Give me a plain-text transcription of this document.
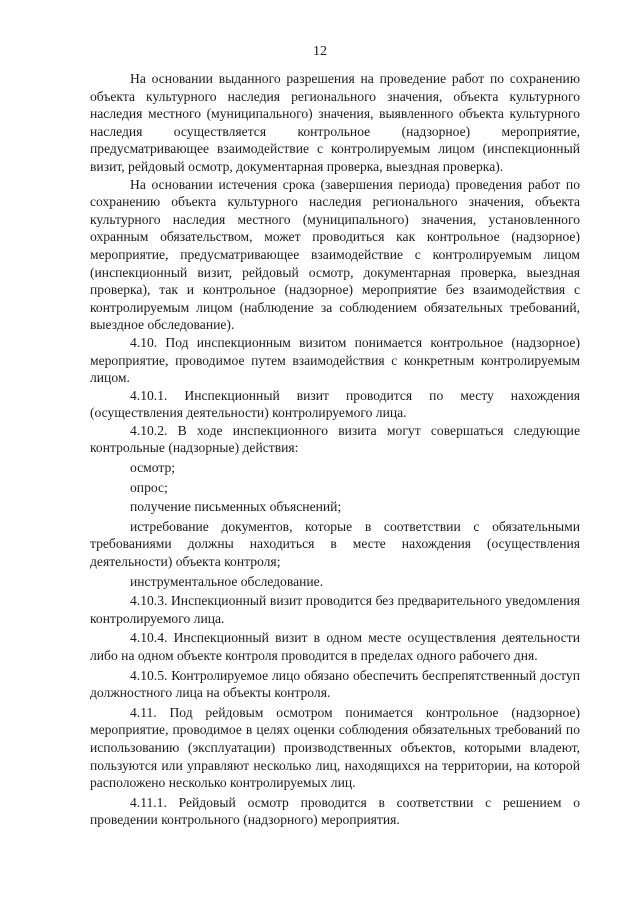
12

На основании выданного разрешения на проведение работ по сохранению объекта культурного наследия регионального значения, объекта культурного наследия местного (муниципального) значения, выявленного объекта культурного наследия осуществляется контрольное (надзорное) мероприятие, предусматривающее взаимодействие с контролируемым лицом (инспекционный визит, рейдовый осмотр, документарная проверка, выездная проверка).

На основании истечения срока (завершения периода) проведения работ по сохранению объекта культурного наследия регионального значения, объекта культурного наследия местного (муниципального) значения, установленного охранным обязательством, может проводиться как контрольное (надзорное) мероприятие, предусматривающее взаимодействие с контролируемым лицом (инспекционный визит, рейдовый осмотр, документарная проверка, выездная проверка), так и контрольное (надзорное) мероприятие без взаимодействия с контролируемым лицом (наблюдение за соблюдением обязательных требований, выездное обследование).

4.10. Под инспекционным визитом понимается контрольное (надзорное) мероприятие, проводимое путем взаимодействия с конкретным контролируемым лицом.

4.10.1. Инспекционный визит проводится по месту нахождения (осуществления деятельности) контролируемого лица.

4.10.2. В ходе инспекционного визита могут совершаться следующие контрольные (надзорные) действия:

осмотр;

опрос;

получение письменных объяснений;

истребование документов, которые в соответствии с обязательными требованиями должны находиться в месте нахождения (осуществления деятельности) объекта контроля;

инструментальное обследование.

4.10.3. Инспекционный визит проводится без предварительного уведомления контролируемого лица.

4.10.4. Инспекционный визит в одном месте осуществления деятельности либо на одном объекте контроля проводится в пределах одного рабочего дня.

4.10.5. Контролируемое лицо обязано обеспечить беспрепятственный доступ должностного лица на объекты контроля.

4.11. Под рейдовым осмотром понимается контрольное (надзорное) мероприятие, проводимое в целях оценки соблюдения обязательных требований по использованию (эксплуатации) производственных объектов, которыми владеют, пользуются или управляют несколько лиц, находящихся на территории, на которой расположено несколько контролируемых лиц.

4.11.1. Рейдовый осмотр проводится в соответствии с решением о проведении контрольного (надзорного) мероприятия.
